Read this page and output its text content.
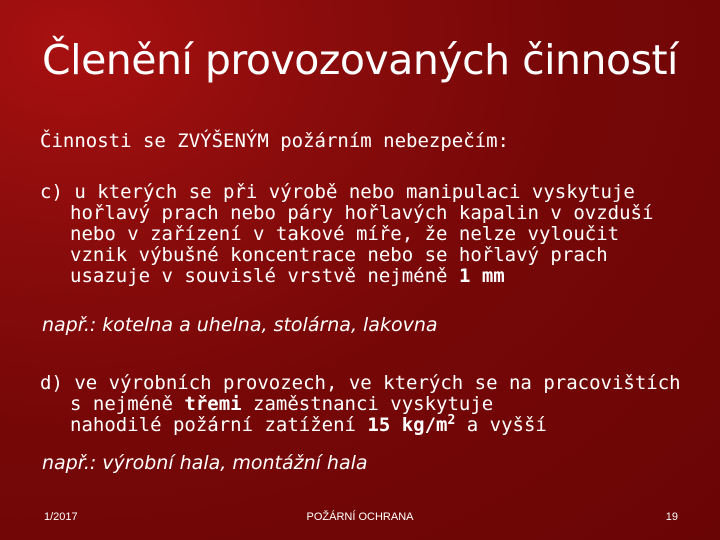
Členění provozovaných činností
Činnosti se ZVÝŠENÝM požárním nebezpečím:
c) u kterých se při výrobě nebo manipulaci vyskytuje
hořlavý prach nebo páry hořlavých kapalin v ovzduší
nebo v zařízení v takové míře, že nelze vyloučit
vznik výbušné koncentrace nebo se hořlavý prach
usazuje v souvislé vrstvě nejméně 1 mm
např.: kotelna a uhelna, stolárna, lakovna
d) ve výrobních provozech, ve kterých se na pracovištích
s nejméně třemi zaměstnanci vyskytuje
nahodilé požární zatížení 15 $kg/m^2$ a vyšší
např.: výrobní hala, montážní hala
1/2017	POŽÁRNÍ OCHRANA	19
